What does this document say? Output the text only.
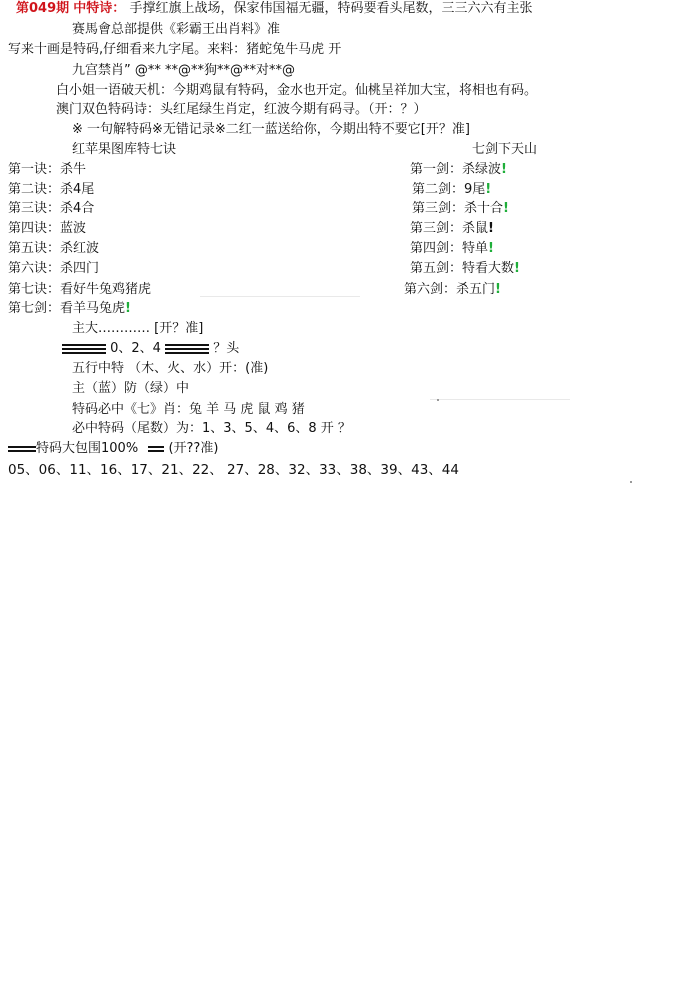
第049期 中特诗： 手撑红旗上战场，保家伟国福无疆，特码要看头尾数，三三六六有主张
赛馬會总部提供《彩霸王出肖料》准
写来十画是特码,仔细看来九字尾。来料：猪蛇兔牛马虎 开
九宫禁肖” @** **@**狗**@**对**@
白小姐一语破天机：今期鸡鼠有特码，金水也开定。仙桃呈祥加大宝，将相也有码。
澳门双色特码诗：头红尾绿生肖定，红波今期有码寻。（开：？）
※ 一句解特码※无错记录※二红一蓝送给你，今期出特不要它[开？准]
红苹果图库特七诀	七剑下天山
第一诀：杀牛
第二诀：杀4尾
第三诀：杀4合
第四诀：蓝波
第五诀：杀红波
第六诀：杀四门
第七诀：看好牛兔鸡猪虎
第七剑：看羊马兔虎!
第一剑：杀绿波!
第二剑：9尾!
第三剑：杀十合!
第三剑：杀鼠!
第四剑：特单!
第五剑：特看大数!
第六剑：杀五门!
主大………… [开？准]
0、2、4	？头
五行中特 （木、火、水）开：(准)
主（蓝）防（绿）中
特码必中《七》肖：兔 羊 马 虎 鼠 鸡 猪
必中特码（尾数）为：1、3、5、4、6、8 开 ？
特码大包围100% (开??准)
05、06、11、16、17、21、22、 27、28、32、33、38、39、43、44
